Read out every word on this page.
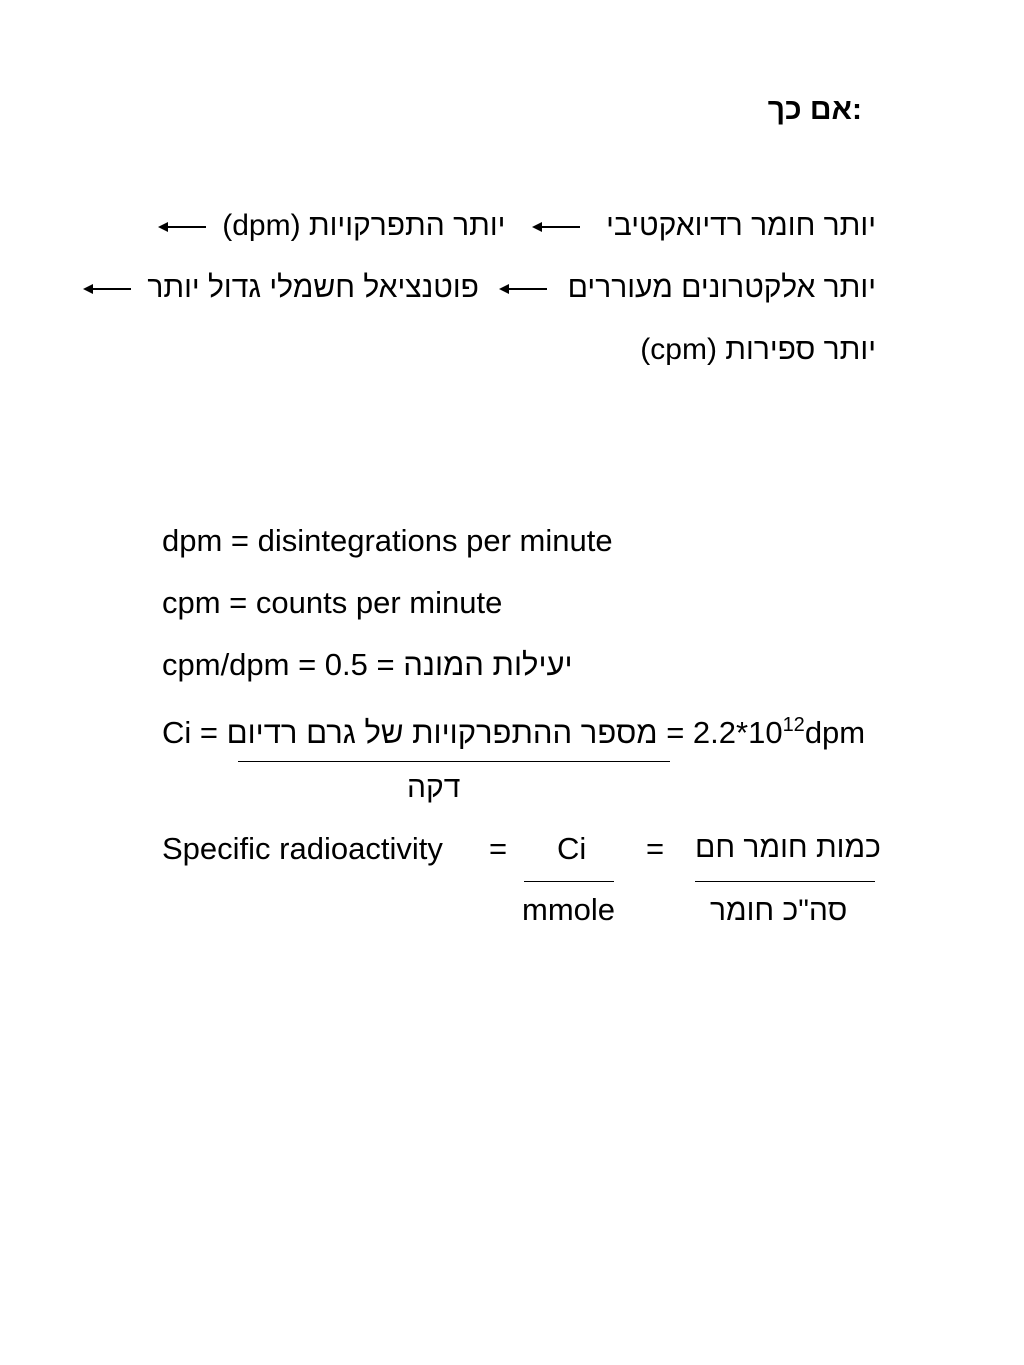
:אם כך
יותר חומר רדיואקטיבי
יותר התפרקויות (dpm)
יותר אלקטרונים מעוררים
פוטנציאל חשמלי גדול יותר
יותר ספירות (cpm)
dpm = disintegrations per minute
cpm = counts per minute
cpm/dpm = 0.5 = יעילות המונה
Ci = מספר ההתפרקויות של גרם רדיום = $2.2*10^{12}dpm$
דקה
Specific radioactivity = Ci
mmole
= כמות חומר חם
סה"כ חומר
